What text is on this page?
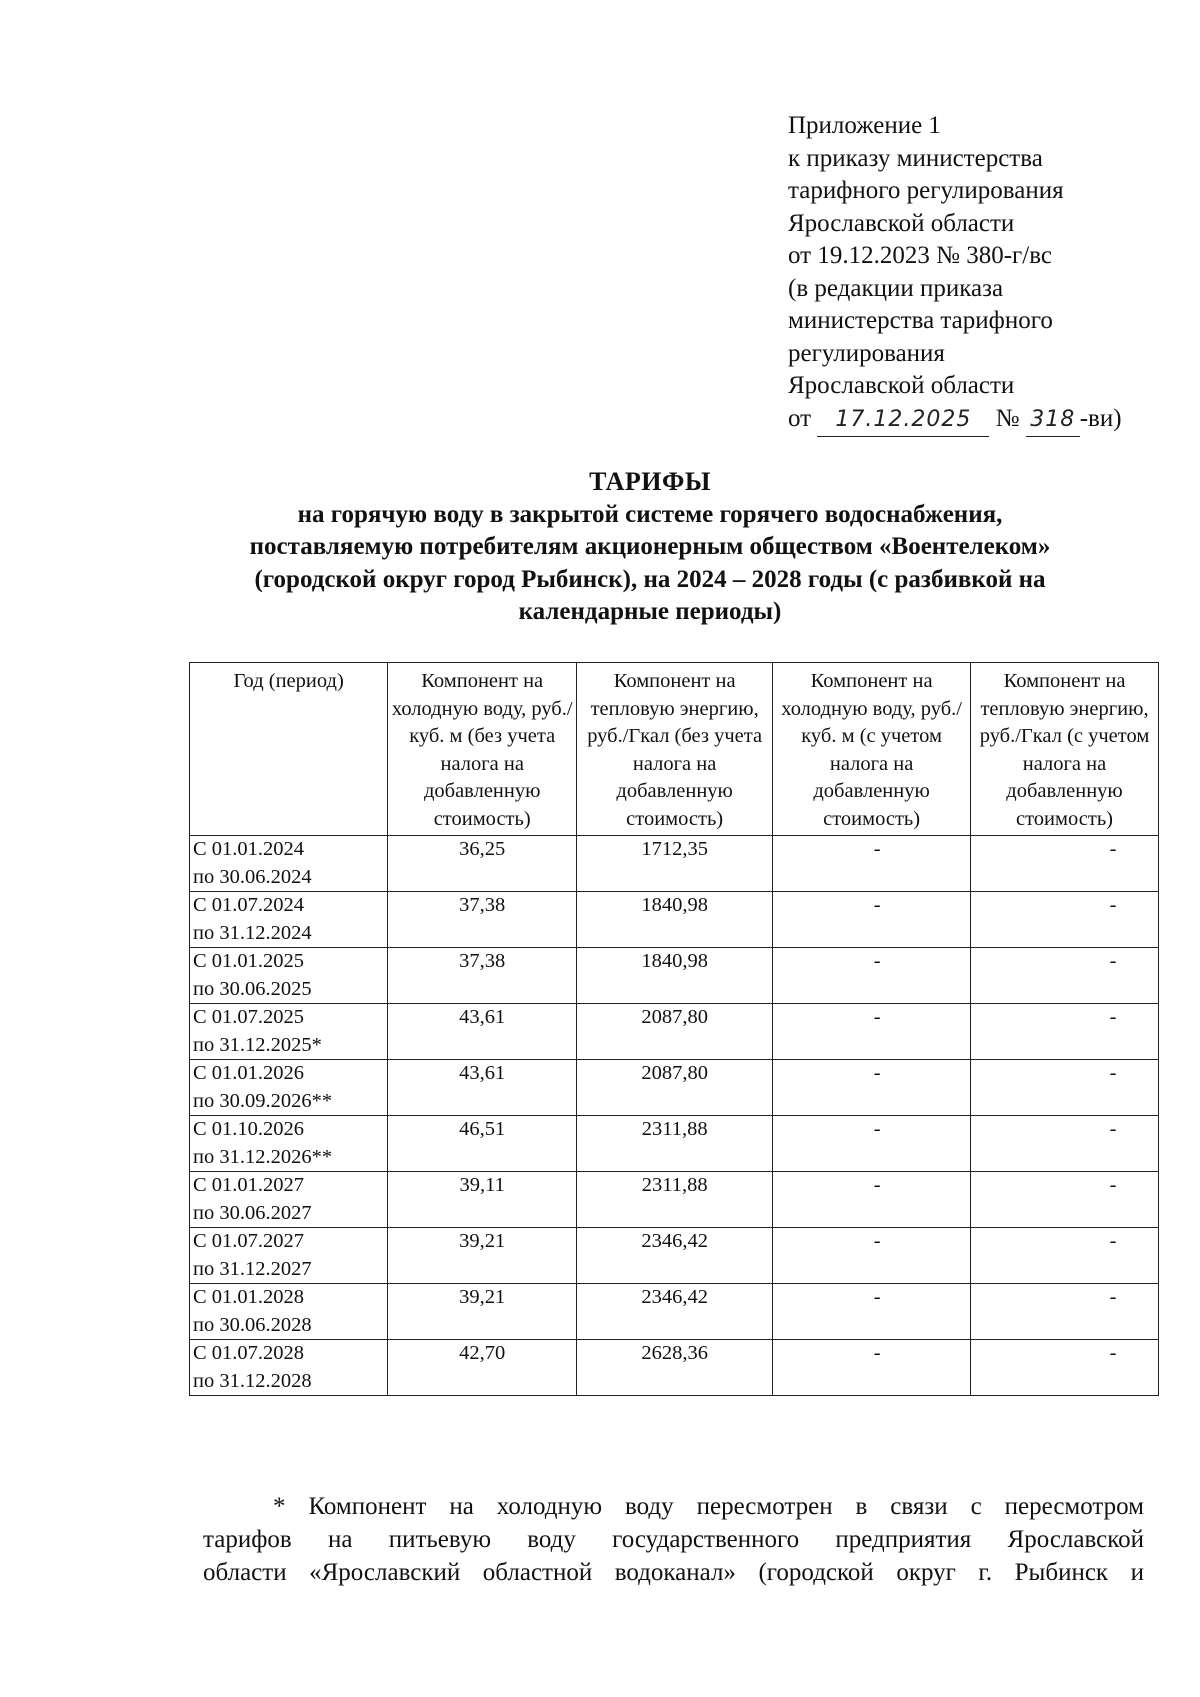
Приложение 1
к приказу министерства
тарифного регулирования
Ярославской области
от 19.12.2023 № 380-г/вс
(в редакции приказа
министерства тарифного
регулирования
Ярославской области
от 17.12.2025 № 318 -ви)
ТАРИФЫ
на горячую воду в закрытой системе горячего водоснабжения,
поставляемую потребителям акционерным обществом «Воентелеком»
(городской округ город Рыбинск), на 2024 – 2028 годы (с разбивкой на
календарные периоды)
Год (период)	Компонент на холодную воду, руб./ куб. м (без учета налога на добавленную стоимость)	Компонент на тепловую энергию, руб./Гкал (без учета налога на добавленную стоимость)	Компонент на холодную воду, руб./ куб. м (с учетом налога на добавленную стоимость)	Компонент на тепловую энергию, руб./Гкал (с учетом налога на добавленную стоимость)

С 01.01.2024
по 30.06.2024	36,25	1712,35	-	-

С 01.07.2024
по 31.12.2024	37,38	1840,98	-	-

С 01.01.2025
по 30.06.2025	37,38	1840,98	-	-

С 01.07.2025
по 31.12.2025*	43,61	2087,80	-	-

С 01.01.2026
по 30.09.2026**	43,61	2087,80	-	-

С 01.10.2026
по 31.12.2026**	46,51	2311,88	-	-

С 01.01.2027
по 30.06.2027	39,11	2311,88	-	-

С 01.07.2027
по 31.12.2027	39,21	2346,42	-	-

С 01.01.2028
по 30.06.2028	39,21	2346,42	-	-

С 01.07.2028
по 31.12.2028	42,70	2628,36	-	-
* Компонент на холодную воду пересмотрен в связи с пересмотром
тарифов на питьевую воду государственного предприятия Ярославской
области «Ярославский областной водоканал» (городской округ г. Рыбинск и
